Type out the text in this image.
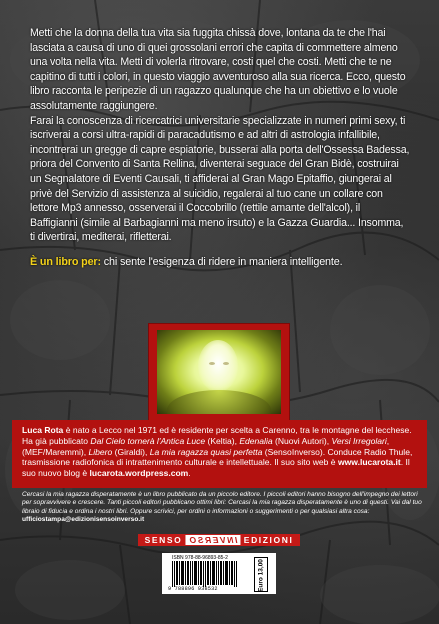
Metti che la donna della tua vita sia fuggita chissà dove, lontana da te che l'hai lasciata a causa di uno di quei grossolani errori che capita di commettere almeno una volta nella vita. Metti di volerla ritrovare, costi quel che costi. Metti che te ne capitino di tutti i colori, in questo viaggio avventuroso alla sua ricerca. Ecco, questo libro racconta le peripezie di un ragazzo qualunque che ha un obiettivo e lo vuole assolutamente raggiungere.

Farai la conoscenza di ricercatrici universitarie specializzate in numeri primi sexy, ti iscriverai a corsi ultra-rapidi di paracadutismo e ad altri di astrologia infallibile, incontrerai un gregge di capre espiatorie, busserai alla porta dell'Ossessa Badessa, priora del Convento di Santa Rellina, diventerai seguace del Gran Bidè, costruirai un Segnalatore di Eventi Causali, ti affiderai al Gran Mago Epitaffio, giungerai al privè del Servizio di assistenza al suicidio, regalerai al tuo cane un collare con lettore Mp3 annesso, osserverai il Coccobrillo (rettile amante dell'alcol), il Baffigianni (simile al Barbagianni ma meno irsuto) e la Gazza Guardia... Insomma, ti divertirai, mediterai, rifletterai.

È un libro per: chi sente l'esigenza di ridere in maniera intelligente.

Luca Rota è nato a Lecco nel 1971 ed è residente per scelta a Carenno, tra le montagne del lecchese. Ha già pubblicato Dal Cielo tornerà l'Antica Luce (Keltia), Edenalia (Nuovi Autori), Versi Irregolari, (MEF/Maremmi), Libero (Giraldi), La mia ragazza quasi perfetta (SensoInverso). Conduce Radio Thule, trasmissione radiofonica di intrattenimento culturale e intellettuale. Il suo sito web è www.lucarota.it. Il suo nuovo blog è lucarota.wordpress.com.

Cercasi la mia ragazza disperatamente è un libro pubblicato da un piccolo editore. I piccoli editori hanno bisogno dell'impegno dei lettori per sopravvivere e crescere. Tanti piccoli editori pubblicano ottimi libri: Cercasi la mia ragazza disperatamente è uno di questi. Vai dal tuo libraio di fiducia e ordina i nostri libri. Oppure scrivici, per ordini o informazioni o suggerimenti o per qualsiasi altra cosa: ufficiostampa@edizionisensoinverso.it

SENSO INVERSO EDIZIONI
ISBN 978-88-96893-85-2
9 788896 938532	Euro 13,00
